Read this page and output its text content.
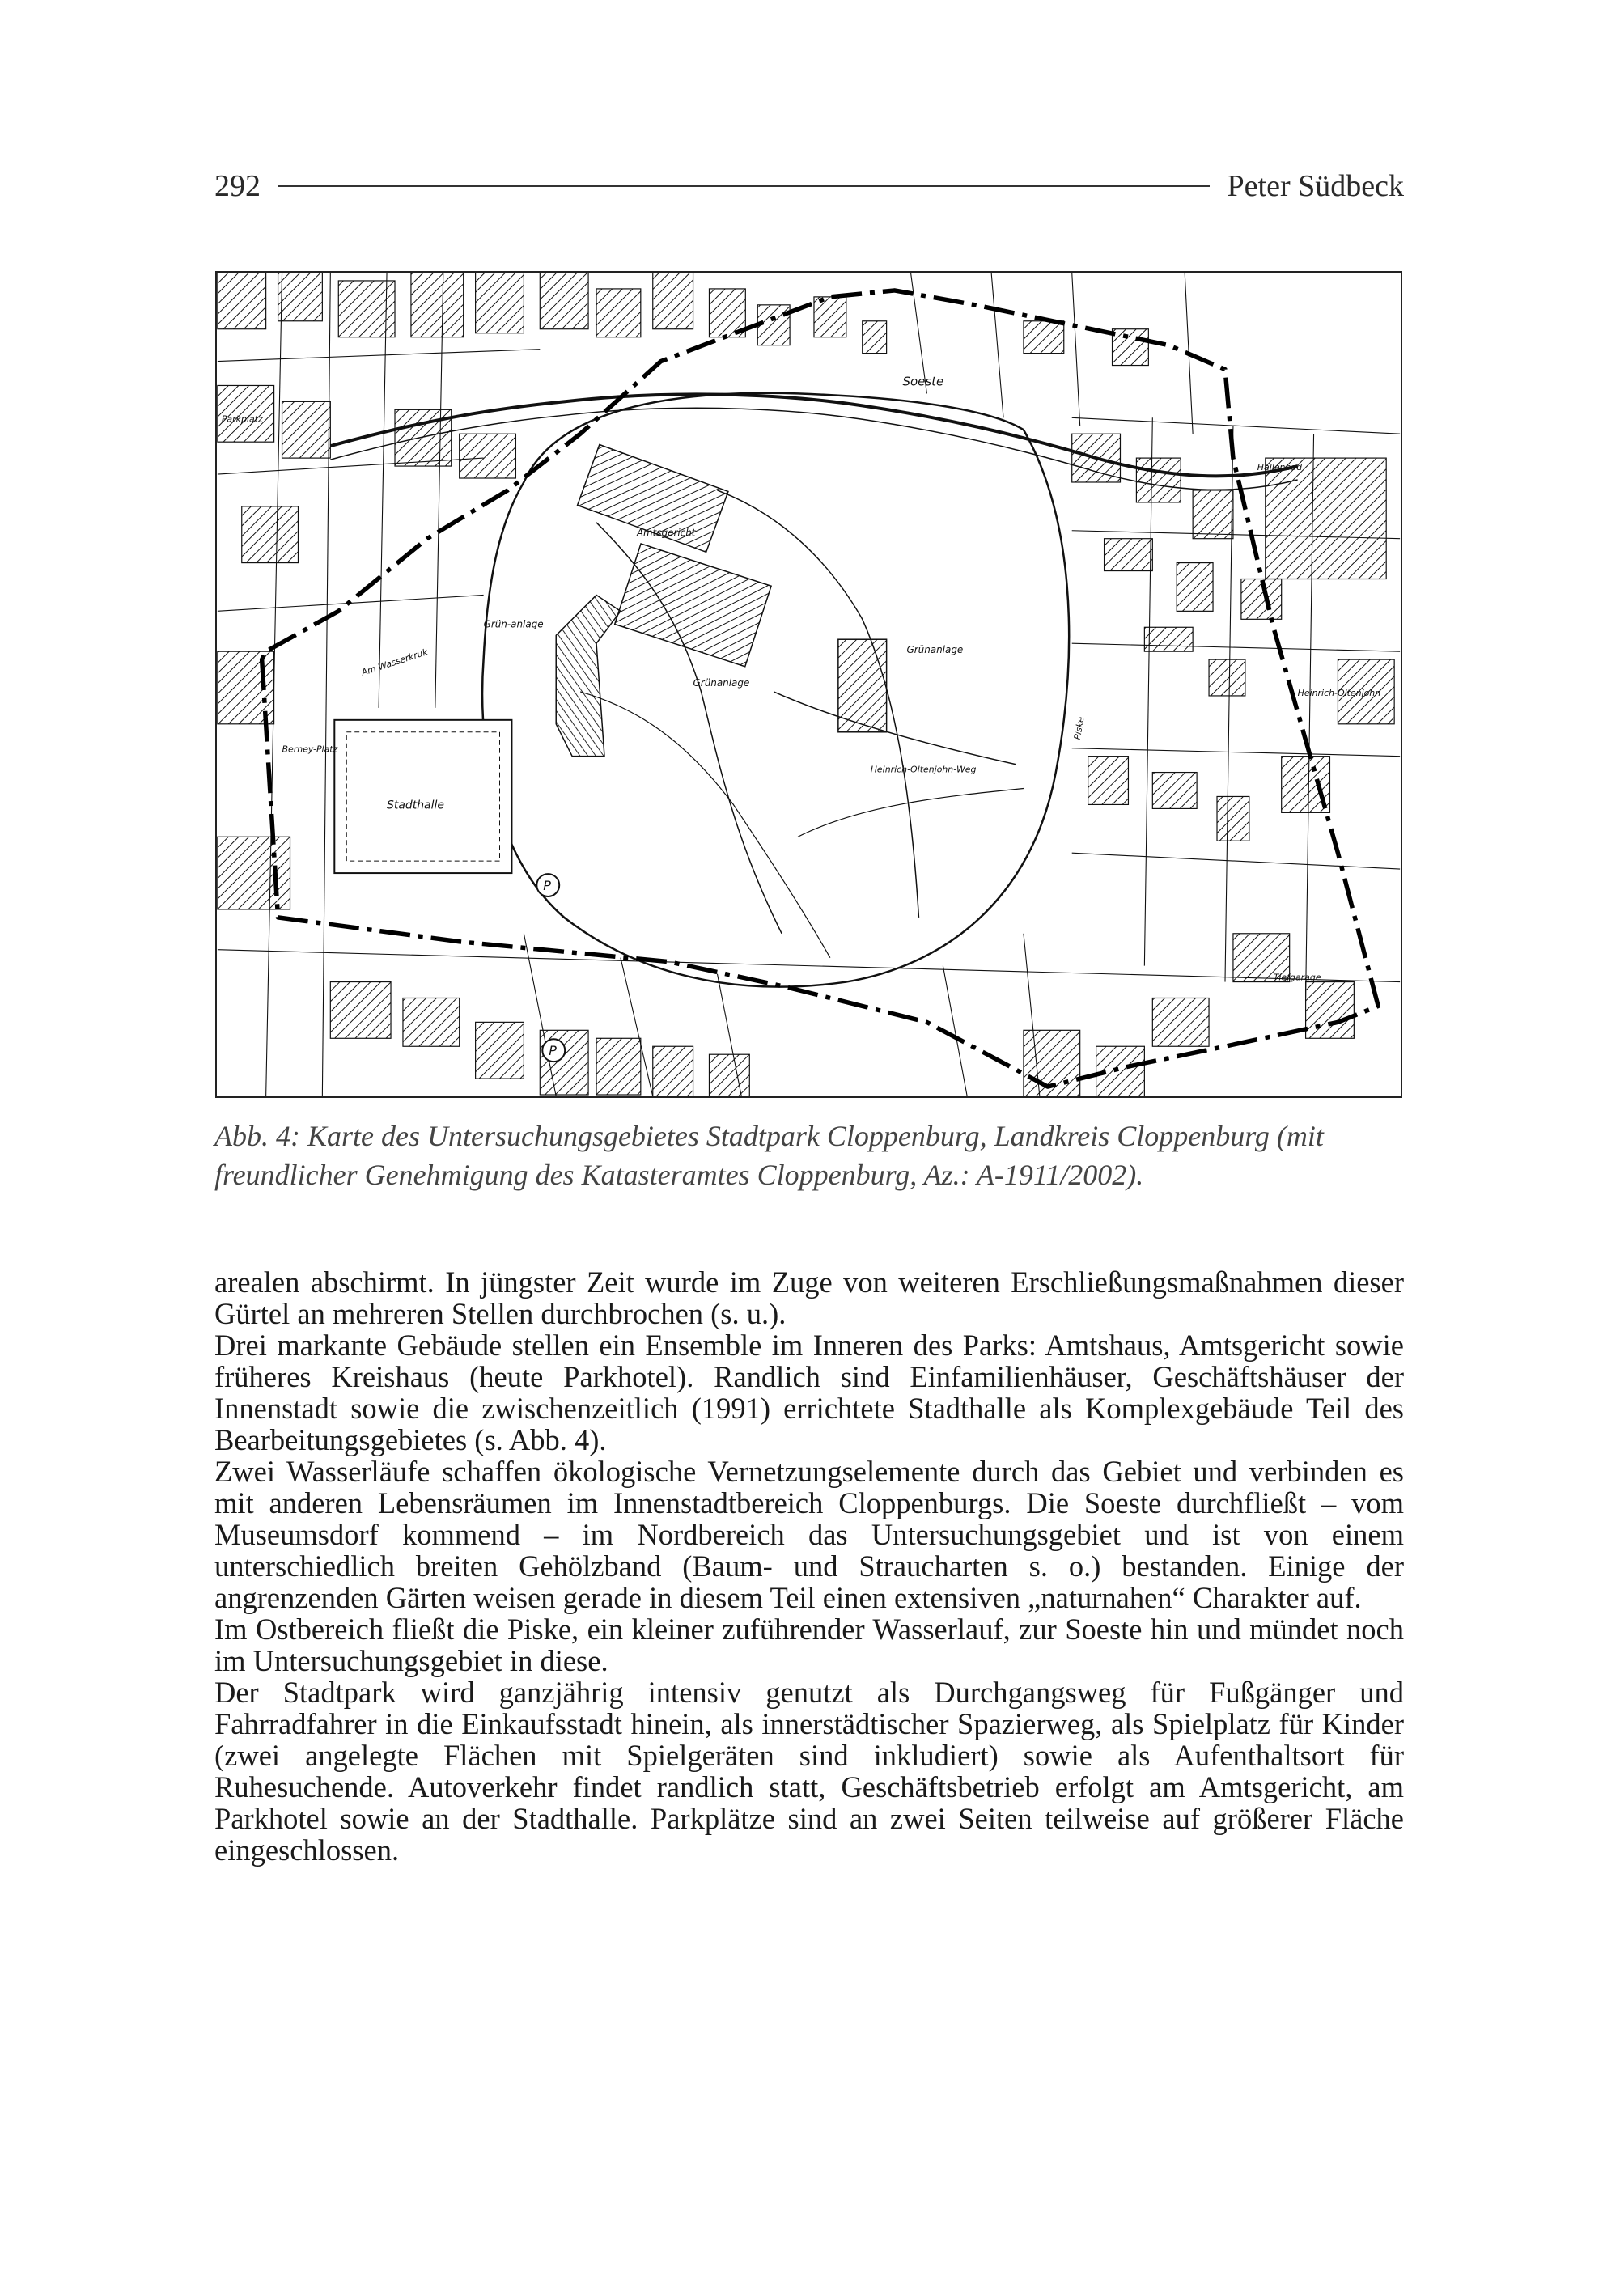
292	Peter Südbeck
P
P
Soeste
Amtsgericht
Grünanlage
Grünanlage
Grün-anlage
Stadthalle
Heinrich-Oltenjohn-Weg
Heinrich-Oltenjohn
Parkplatz
Hallenbad
Tiefgarage
Am Wasserkruk
Berney-Platz
Piske
Abb. 4: Karte des Untersuchungsgebietes Stadtpark Cloppenburg, Landkreis Cloppenburg (mit freundlicher Genehmigung des Katasteramtes Cloppenburg, Az.: A-1911/2002).

arealen abschirmt. In jüngster Zeit wurde im Zuge von weiteren Erschließungsmaßnahmen dieser Gürtel an mehreren Stellen durchbrochen (s. u.).

Drei markante Gebäude stellen ein Ensemble im Inneren des Parks: Amtshaus, Amtsgericht sowie früheres Kreishaus (heute Parkhotel). Randlich sind Einfamilienhäuser, Geschäftshäuser der Innenstadt sowie die zwischenzeitlich (1991) errichtete Stadthalle als Komplexgebäude Teil des Bearbeitungsgebietes (s. Abb. 4).

Zwei Wasserläufe schaffen ökologische Vernetzungselemente durch das Gebiet und verbinden es mit anderen Lebensräumen im Innenstadtbereich Cloppenburgs. Die Soeste durchfließt – vom Museumsdorf kommend – im Nordbereich das Untersuchungsgebiet und ist von einem unterschiedlich breiten Gehölzband (Baum- und Straucharten s. o.) bestanden. Einige der angrenzenden Gärten weisen gerade in diesem Teil einen extensiven „naturnahen“ Charakter auf.

Im Ostbereich fließt die Piske, ein kleiner zuführender Wasserlauf, zur Soeste hin und mündet noch im Untersuchungsgebiet in diese.

Der Stadtpark wird ganzjährig intensiv genutzt als Durchgangsweg für Fußgänger und Fahrradfahrer in die Einkaufsstadt hinein, als innerstädtischer Spazierweg, als Spielplatz für Kinder (zwei angelegte Flächen mit Spielgeräten sind inkludiert) sowie als Aufenthaltsort für Ruhesuchende. Autoverkehr findet randlich statt, Geschäftsbetrieb erfolgt am Amtsgericht, am Parkhotel sowie an der Stadthalle. Parkplätze sind an zwei Seiten teilweise auf größerer Fläche eingeschlossen.
